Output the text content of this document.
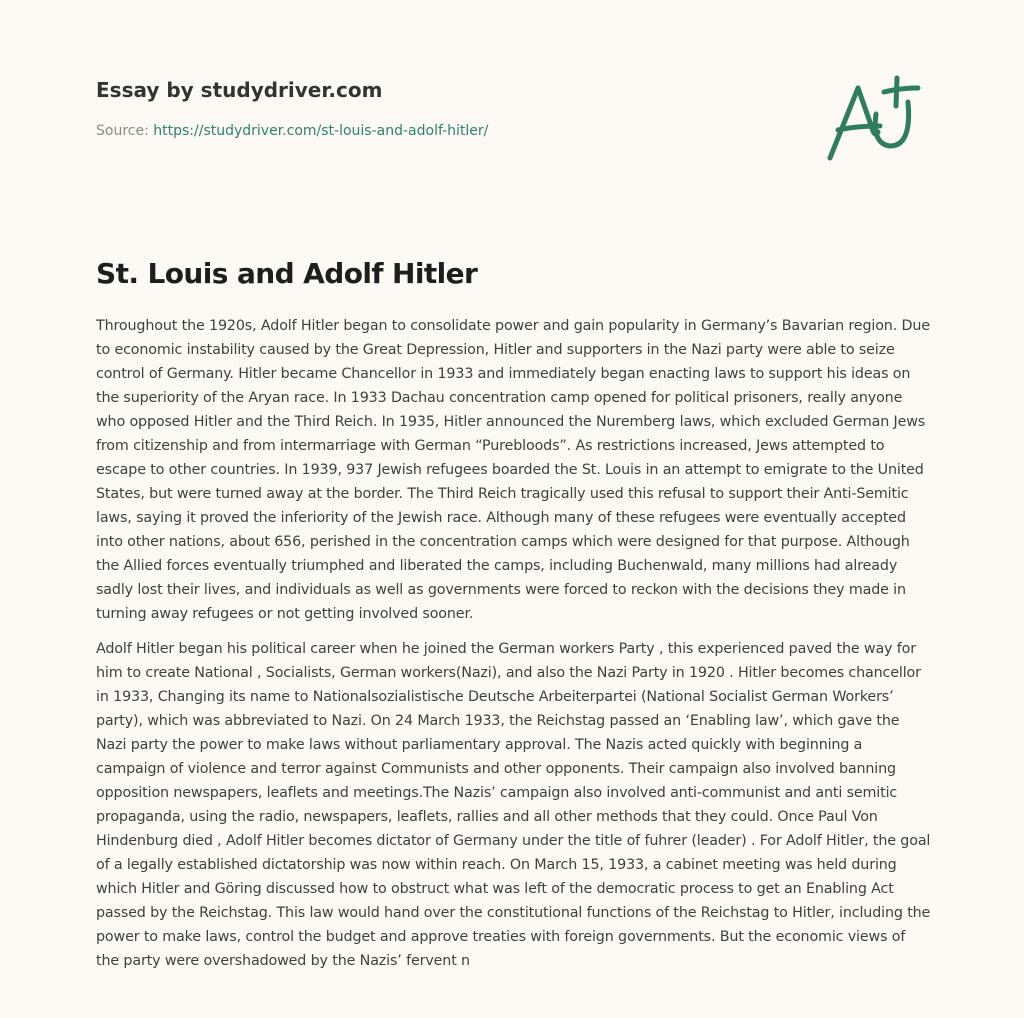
Essay by studydriver.com
Source: https://studydriver.com/st-louis-and-adolf-hitler/
St. Louis and Adolf Hitler

Throughout the 1920s, Adolf Hitler began to consolidate power and gain popularity in Germany’s Bavarian region. Due to economic instability caused by the Great Depression, Hitler and supporters in the Nazi party were able to seize control of Germany. Hitler became Chancellor in 1933 and immediately began enacting laws to support his ideas on the superiority of the Aryan race. In 1933 Dachau concentration camp opened for political prisoners, really anyone who opposed Hitler and the Third Reich. In 1935, Hitler announced the Nuremberg laws, which excluded German Jews from citizenship and from intermarriage with German “Purebloods”. As restrictions increased, Jews attempted to escape to other countries. In 1939, 937 Jewish refugees boarded the St. Louis in an attempt to emigrate to the United States, but were turned away at the border. The Third Reich tragically used this refusal to support their Anti-Semitic laws, saying it proved the inferiority of the Jewish race. Although many of these refugees were eventually accepted into other nations, about 656, perished in the concentration camps which were designed for that purpose. Although the Allied forces eventually triumphed and liberated the camps, including Buchenwald, many millions had already sadly lost their lives, and individuals as well as governments were forced to reckon with the decisions they made in turning away refugees or not getting involved sooner.

Adolf Hitler began his political career when he joined the German workers Party , this experienced paved the way for him to create National , Socialists, German workers(Nazi), and also the Nazi Party in 1920 . Hitler becomes chancellor in 1933, Changing its name to Nationalsozialistische Deutsche Arbeiterpartei (National Socialist German Workers’ party), which was abbreviated to Nazi. On 24 March 1933, the Reichstag passed an ‘Enabling law’, which gave the Nazi party the power to make laws without parliamentary approval. The Nazis acted quickly with beginning a campaign of violence and terror against Communists and other opponents. Their campaign also involved banning opposition newspapers, leaflets and meetings.The Nazis’ campaign also involved anti-communist and anti semitic propaganda, using the radio, newspapers, leaflets, rallies and all other methods that they could. Once Paul Von Hindenburg died , Adolf Hitler becomes dictator of Germany under the title of fuhrer (leader) . For Adolf Hitler, the goal of a legally established dictatorship was now within reach. On March 15, 1933, a cabinet meeting was held during which Hitler and Göring discussed how to obstruct what was left of the democratic process to get an Enabling Act passed by the Reichstag. This law would hand over the constitutional functions of the Reichstag to Hitler, including the power to make laws, control the budget and approve treaties with foreign governments. But the economic views of the party were overshadowed by the Nazis’ fervent n
